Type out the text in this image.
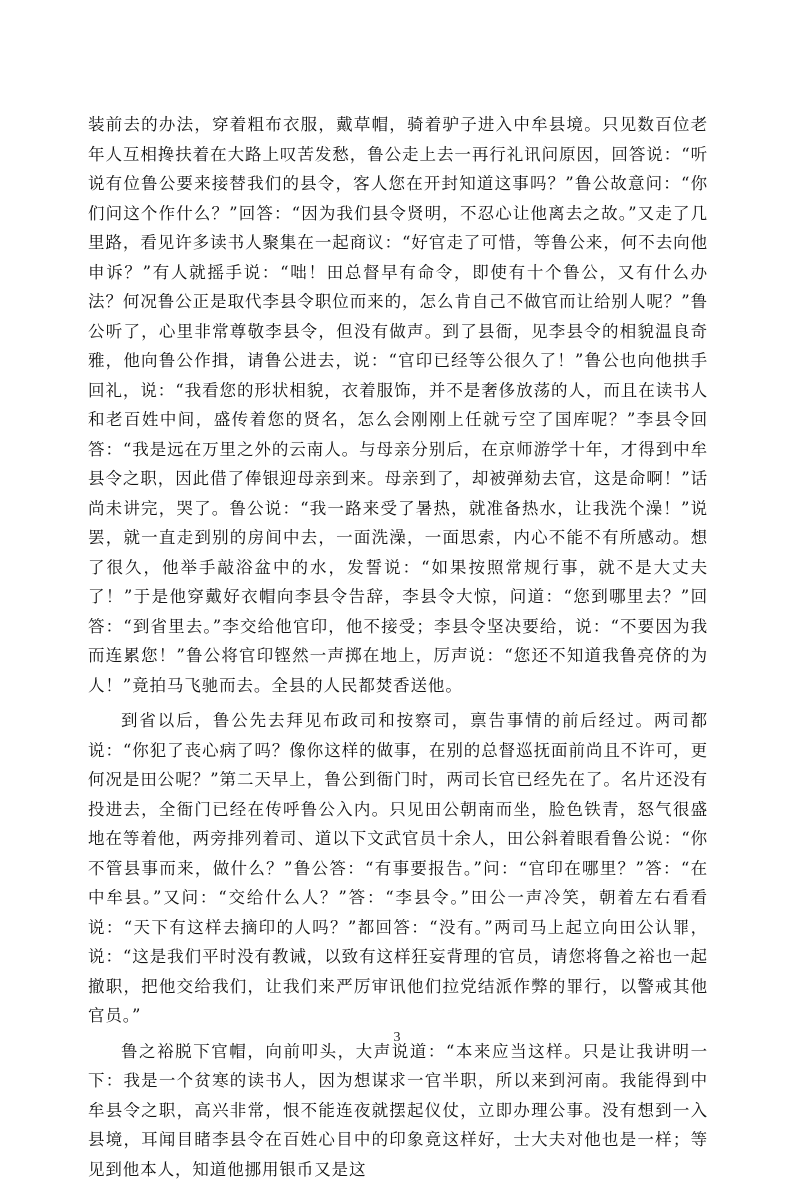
装前去的办法，穿着粗布衣服，戴草帽，骑着驴子进入中牟县境。只见数百位老年人互相搀扶着在大路上叹苦发愁，鲁公走上去一再行礼讯问原因，回答说：“听说有位鲁公要来接替我们的县令，客人您在开封知道这事吗？”鲁公故意问：“你们问这个作什么？”回答：“因为我们县令贤明，不忍心让他离去之故。”又走了几里路，看见许多读书人聚集在一起商议：“好官走了可惜，等鲁公来，何不去向他申诉？”有人就摇手说：“咄！田总督早有命令，即使有十个鲁公，又有什么办法？何况鲁公正是取代李县令职位而来的，怎么肯自己不做官而让给别人呢？”鲁公听了，心里非常尊敬李县令，但没有做声。到了县衙，见李县令的相貌温良奇雅，他向鲁公作揖，请鲁公进去，说：“官印已经等公很久了！”鲁公也向他拱手回礼，说：“我看您的形状相貌，衣着服饰，并不是奢侈放荡的人，而且在读书人和老百姓中间，盛传着您的贤名，怎么会刚刚上任就亏空了国库呢？”李县令回答：“我是远在万里之外的云南人。与母亲分别后，在京师游学十年，才得到中牟县令之职，因此借了俸银迎母亲到来。母亲到了，却被弹劾去官，这是命啊！”话尚未讲完，哭了。鲁公说：“我一路来受了暑热，就准备热水，让我洗个澡！”说罢，就一直走到别的房间中去，一面洗澡，一面思索，内心不能不有所感动。想了很久，他举手敲浴盆中的水，发誓说：“如果按照常规行事，就不是大丈夫了！”于是他穿戴好衣帽向李县令告辞，李县令大惊，问道：“您到哪里去？”回答：“到省里去。”李交给他官印，他不接受；李县令坚决要给，说：“不要因为我而连累您！”鲁公将官印铿然一声掷在地上，厉声说：“您还不知道我鲁亮侪的为人！”竟拍马飞驰而去。全县的人民都焚香送他。

到省以后，鲁公先去拜见布政司和按察司，禀告事情的前后经过。两司都说：“你犯了丧心病了吗？像你这样的做事，在别的总督巡抚面前尚且不许可，更何况是田公呢？”第二天早上，鲁公到衙门时，两司长官已经先在了。名片还没有投进去，全衙门已经在传呼鲁公入内。只见田公朝南而坐，脸色铁青，怒气很盛地在等着他，两旁排列着司、道以下文武官员十余人，田公斜着眼看鲁公说：“你不管县事而来，做什么？”鲁公答：“有事要报告。”问：“官印在哪里？”答：“在中牟县。”又问：“交给什么人？”答：“李县令。”田公一声冷笑，朝着左右看看说：“天下有这样去摘印的人吗？”都回答：“没有。”两司马上起立向田公认罪，说：“这是我们平时没有教诫，以致有这样狂妄背理的官员，请您将鲁之裕也一起撤职，把他交给我们，让我们来严厉审讯他们拉党结派作弊的罪行，以警戒其他官员。”

鲁之裕脱下官帽，向前叩头，大声说道：“本来应当这样。只是让我讲明一下：我是一个贫寒的读书人，因为想谋求一官半职，所以来到河南。我能得到中牟县令之职，高兴非常，恨不能连夜就摆起仪仗，立即办理公事。没有想到一入县境，耳闻目睹李县令在百姓心目中的印象竟这样好，士大夫对他也是一样；等见到他本人，知道他挪用银币又是这

3
